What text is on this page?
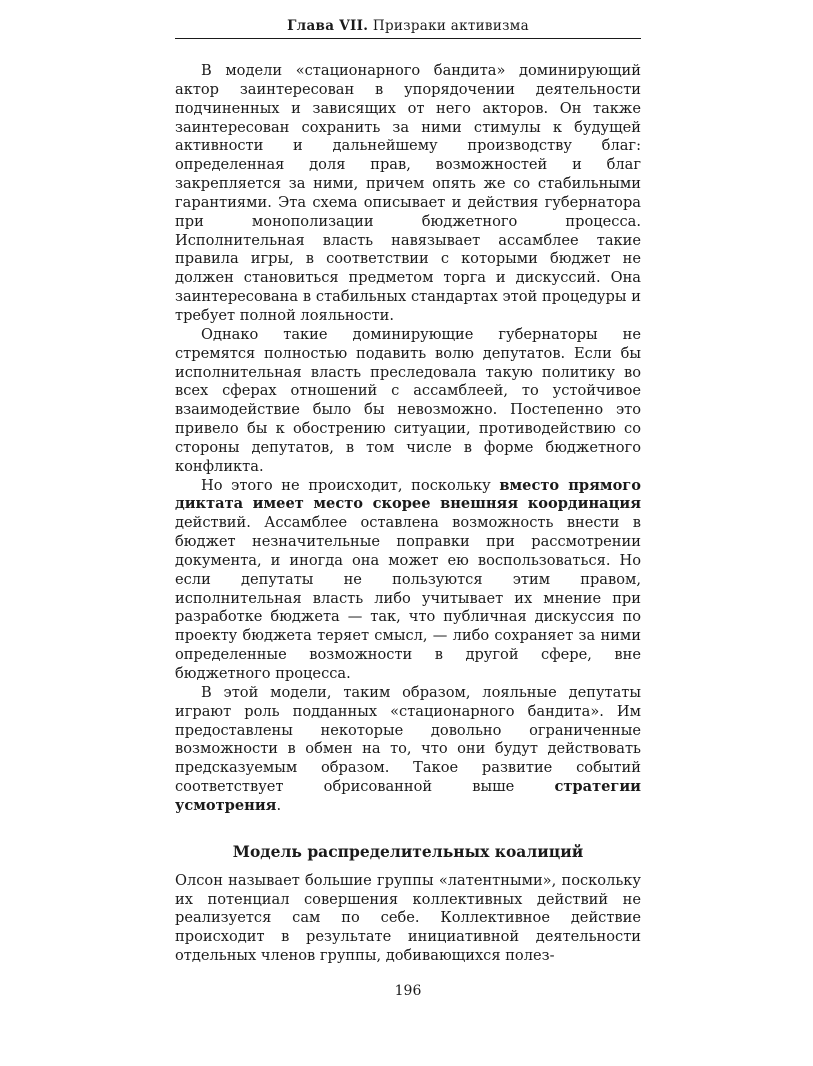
Глава VII. Призраки активизма

В модели «стационарного бандита» доминирующий актор заинтересован в упорядочении деятельности подчиненных и зависящих от него акторов. Он также заинтересован сохранить за ними стимулы к будущей активности и дальнейшему производству благ: определенная доля прав, возможностей и благ закрепляется за ними, причем опять же со стабильными гарантиями. Эта схема описывает и действия губернатора при монополизации бюджетного процесса. Исполнительная власть навязывает ассамблее такие правила игры, в соответствии с которыми бюджет не должен становиться предметом торга и дискуссий. Она заинтересована в стабильных стандартах этой процедуры и требует полной лояльности.

Однако такие доминирующие губернаторы не стремятся полностью подавить волю депутатов. Если бы исполнительная власть преследовала такую политику во всех сферах отношений с ассамблеей, то устойчивое взаимодействие было бы невозможно. Постепенно это привело бы к обострению ситуации, противодействию со стороны депутатов, в том числе в форме бюджетного конфликта.

Но этого не происходит, поскольку вместо прямого диктата имеет место скорее внешняя координация действий. Ассамблее оставлена возможность внести в бюджет незначительные поправки при рассмотрении документа, и иногда она может ею воспользоваться. Но если депутаты не пользуются этим правом, исполнительная власть либо учитывает их мнение при разработке бюджета — так, что публичная дискуссия по проекту бюджета теряет смысл, — либо сохраняет за ними определенные возможности в другой сфере, вне бюджетного процесса.

В этой модели, таким образом, лояльные депутаты играют роль подданных «стационарного бандита». Им предоставлены некоторые довольно ограниченные возможности в обмен на то, что они будут действовать предсказуемым образом. Такое развитие событий соответствует обрисованной выше стратегии усмотрения.

Модель распределительных коалиций

Олсон называет большие группы «латентными», поскольку их потенциал совершения коллективных действий не реализуется сам по себе. Коллективное действие происходит в результате инициативной деятельности отдельных членов группы, добивающихся полез-

196
